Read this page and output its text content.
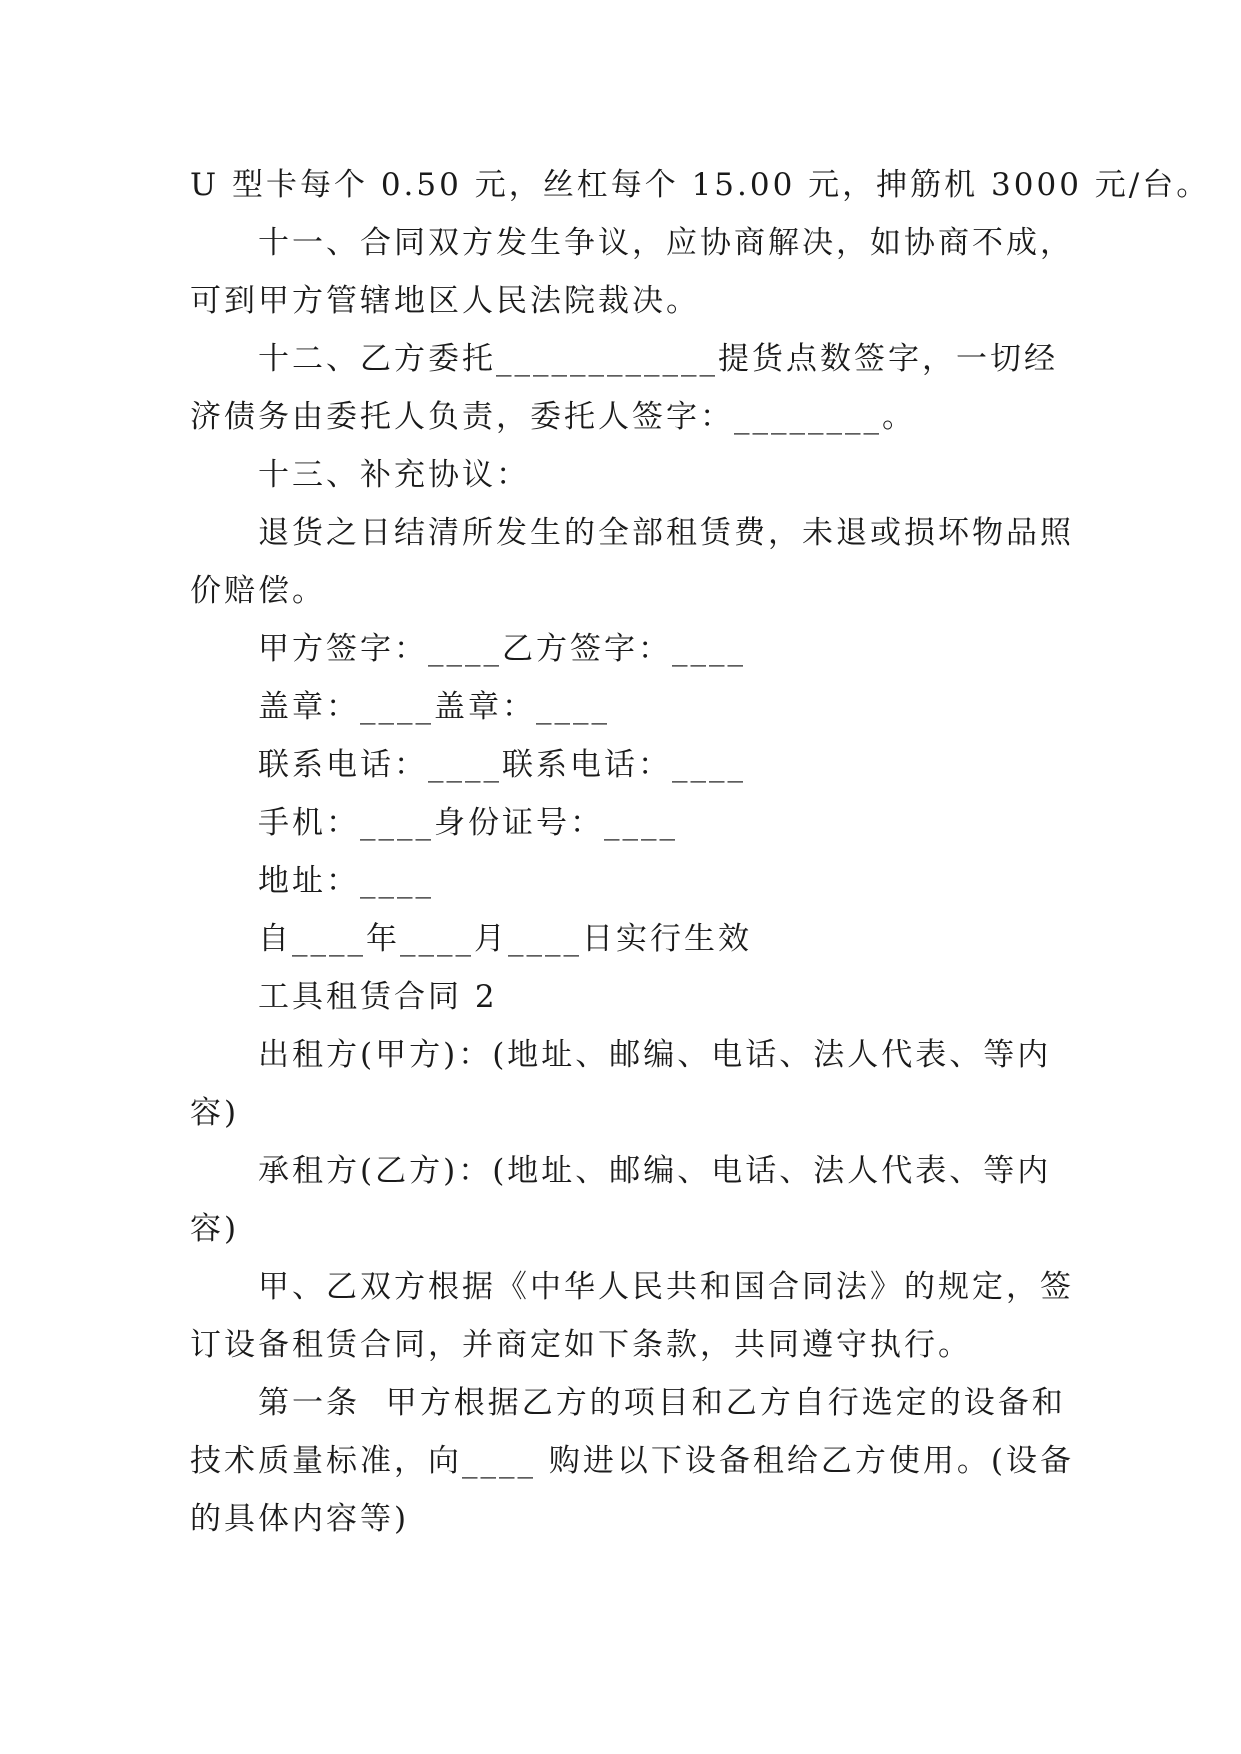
U 型卡每个 0.50 元，丝杠每个 15.00 元，抻筋机 3000 元/台。
十一、合同双方发生争议，应协商解决，如协商不成，
可到甲方管辖地区人民法院裁决。
十二、乙方委托____________提货点数签字，一切经
济债务由委托人负责，委托人签字：________。
十三、补充协议：
退货之日结清所发生的全部租赁费，未退或损坏物品照
价赔偿。
甲方签字：____乙方签字：____
盖章：____盖章：____
联系电话：____联系电话：____
手机：____身份证号：____
地址：____
自____年____月____日实行生效
工具租赁合同 2
出租方(甲方)：(地址、邮编、电话、法人代表、等内
容)
承租方(乙方)：(地址、邮编、电话、法人代表、等内
容)
甲、乙双方根据《中华人民共和国合同法》的规定，签
订设备租赁合同，并商定如下条款，共同遵守执行。
第一条  甲方根据乙方的项目和乙方自行选定的设备和
技术质量标准，向____ 购进以下设备租给乙方使用。(设备
的具体内容等)
